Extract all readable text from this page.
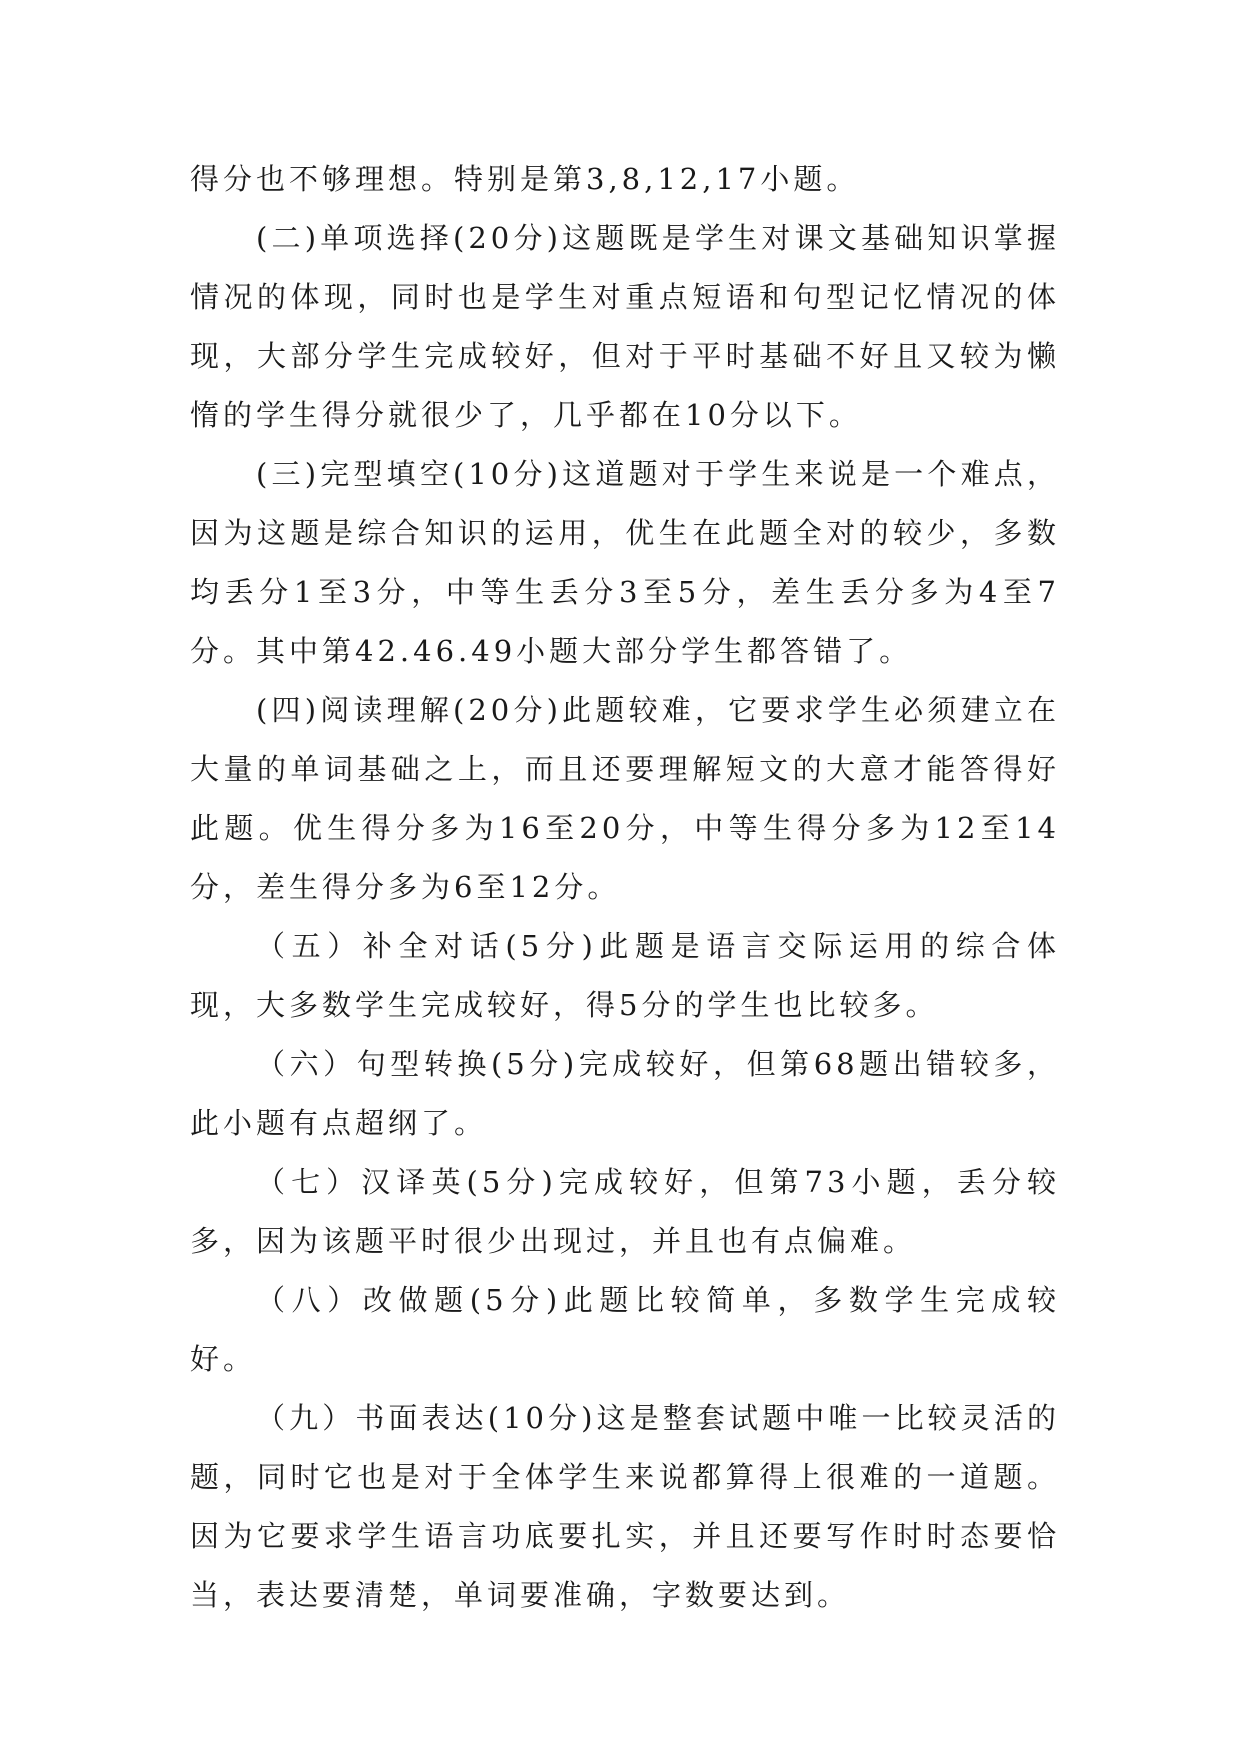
得分也不够理想。特别是第3,8,12,17小题。

(二)单项选择(20分)这题既是学生对课文基础知识掌握情况的体现，同时也是学生对重点短语和句型记忆情况的体现，大部分学生完成较好，但对于平时基础不好且又较为懒惰的学生得分就很少了，几乎都在10分以下。

(三)完型填空(10分)这道题对于学生来说是一个难点，因为这题是综合知识的运用，优生在此题全对的较少，多数均丢分1至3分，中等生丢分3至5分，差生丢分多为4至7分。其中第42.46.49小题大部分学生都答错了。

(四)阅读理解(20分)此题较难，它要求学生必须建立在大量的单词基础之上，而且还要理解短文的大意才能答得好此题。优生得分多为16至20分，中等生得分多为12至14分，差生得分多为6至12分。

（五）补全对话(5分)此题是语言交际运用的综合体现，大多数学生完成较好，得5分的学生也比较多。

（六）句型转换(5分)完成较好，但第68题出错较多，此小题有点超纲了。

（七）汉译英(5分)完成较好，但第73小题，丢分较多，因为该题平时很少出现过，并且也有点偏难。

（八）改做题(5分)此题比较简单，多数学生完成较好。

（九）书面表达(10分)这是整套试题中唯一比较灵活的题，同时它也是对于全体学生来说都算得上很难的一道题。因为它要求学生语言功底要扎实，并且还要写作时时态要恰当，表达要清楚，单词要准确，字数要达到。
